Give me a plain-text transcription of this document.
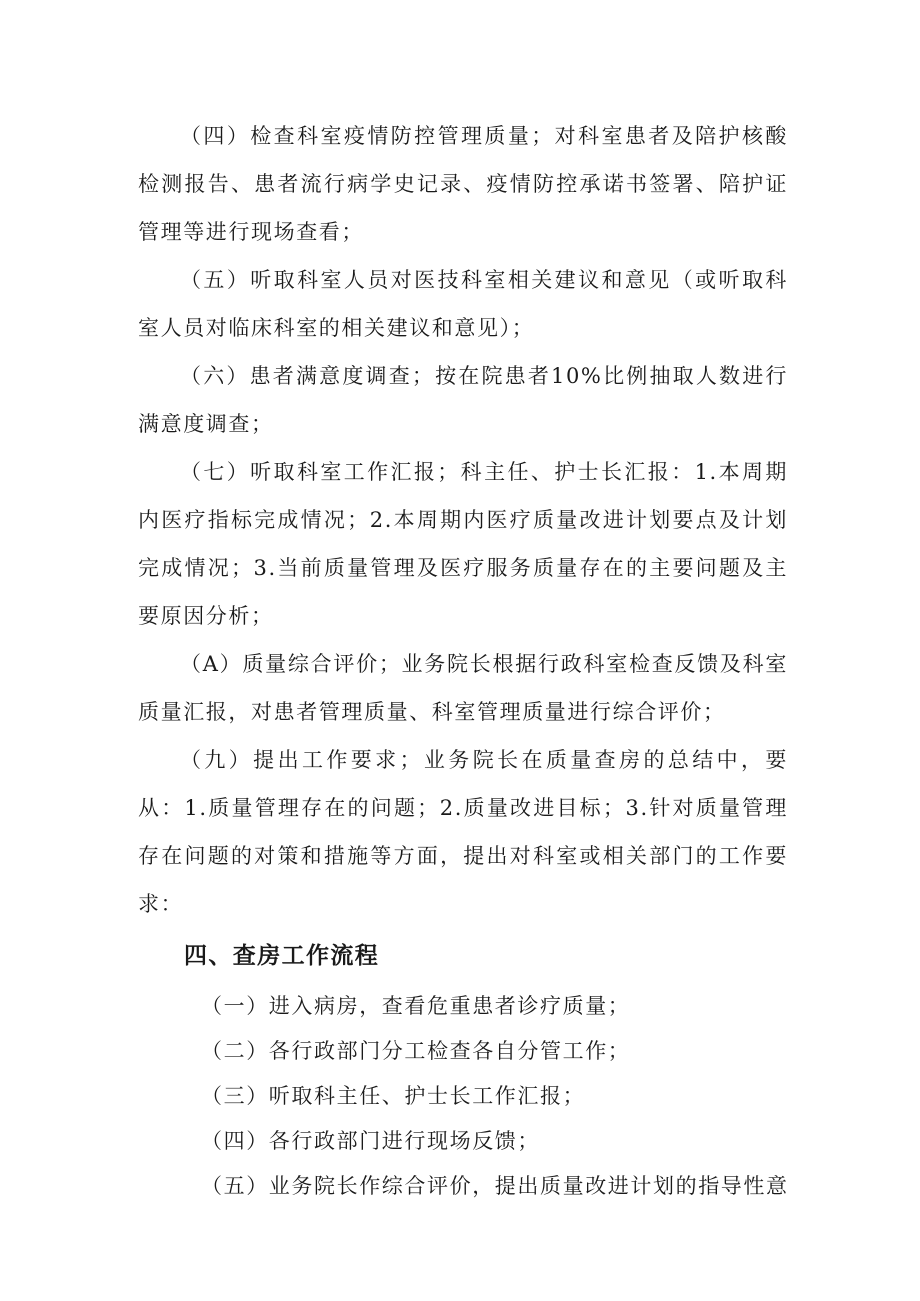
（四）检查科室疫情防控管理质量；对科室患者及陪护核酸检测报告、患者流行病学史记录、疫情防控承诺书签署、陪护证管理等进行现场查看；

（五）听取科室人员对医技科室相关建议和意见（或听取科室人员对临床科室的相关建议和意见）；

（六）患者满意度调查；按在院患者10%比例抽取人数进行满意度调查；

（七）听取科室工作汇报；科主任、护士长汇报：1.本周期内医疗指标完成情况；2.本周期内医疗质量改进计划要点及计划完成情况；3.当前质量管理及医疗服务质量存在的主要问题及主要原因分析；

（A）质量综合评价；业务院长根据行政科室检查反馈及科室质量汇报，对患者管理质量、科室管理质量进行综合评价；

（九）提出工作要求；业务院长在质量查房的总结中，要从：1.质量管理存在的问题；2.质量改进目标；3.针对质量管理存在问题的对策和措施等方面，提出对科室或相关部门的工作要求：

四、查房工作流程

（一）进入病房，查看危重患者诊疗质量；

（二）各行政部门分工检查各自分管工作；

（三）听取科主任、护士长工作汇报；

（四）各行政部门进行现场反馈；

（五）业务院长作综合评价，提出质量改进计划的指导性意
